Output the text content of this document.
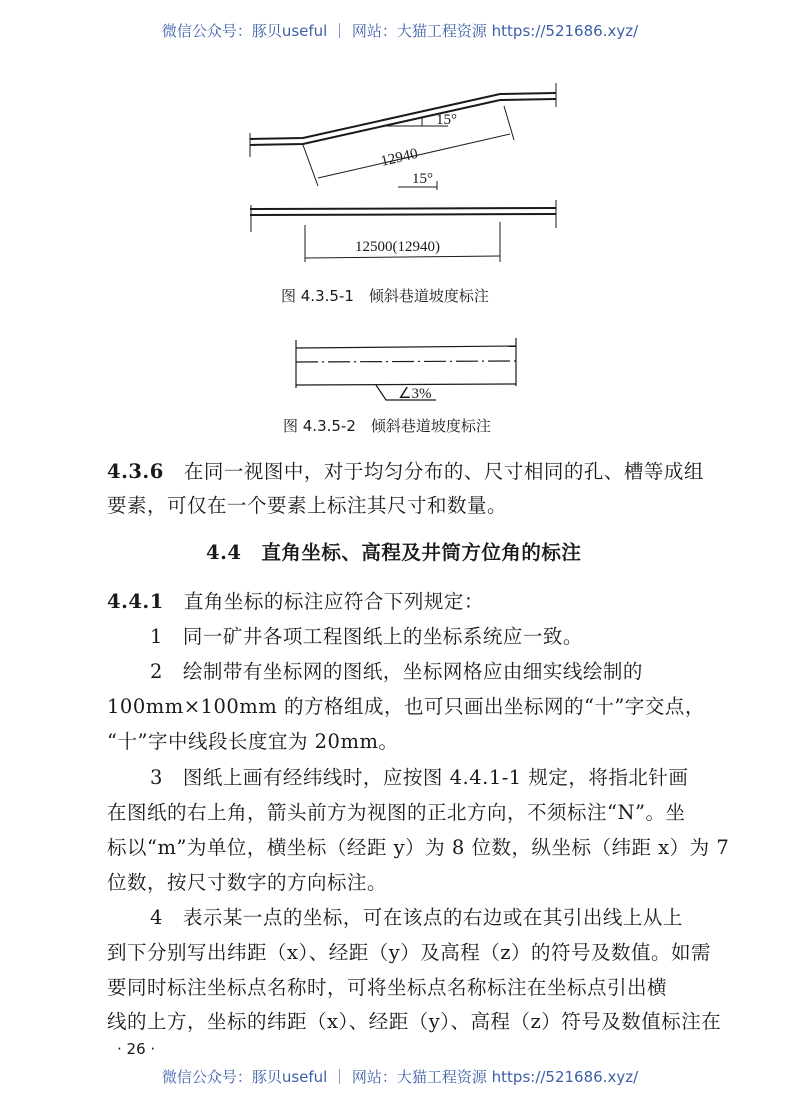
微信公众号：豚贝useful ｜ 网站：大猫工程资源 https://521686.xyz/
15°
12940
15°
12500(12940)
∠3%
图 4.3.5-1　倾斜巷道坡度标注
图 4.3.5-2　倾斜巷道坡度标注
4.3.6　 在同一视图中，对于均匀分布的、尺寸相同的孔、槽等成组
要素，可仅在一个要素上标注其尺寸和数量。
4.4　直角坐标、高程及井筒方位角的标注
4.4.1　 直角坐标的标注应符合下列规定：
1　同一矿井各项工程图纸上的坐标系统应一致。
2　绘制带有坐标网的图纸，坐标网格应由细实线绘制的
100mm×100mm 的方格组成，也可只画出坐标网的“十”字交点，
“十”字中线段长度宜为 20mm。
3　图纸上画有经纬线时，应按图 4.4.1-1 规定，将指北针画
在图纸的右上角，箭头前方为视图的正北方向，不须标注“N”。坐
标以“m”为单位，横坐标（经距 y）为 8 位数，纵坐标（纬距 x）为 7
位数，按尺寸数字的方向标注。
4　表示某一点的坐标，可在该点的右边或在其引出线上从上
到下分别写出纬距（x）、经距（y）及高程（z）的符号及数值。如需
要同时标注坐标点名称时，可将坐标点名称标注在坐标点引出横
线的上方，坐标的纬距（x）、经距（y）、高程（z）符号及数值标注在
· 26 ·
微信公众号：豚贝useful ｜ 网站：大猫工程资源 https://521686.xyz/
